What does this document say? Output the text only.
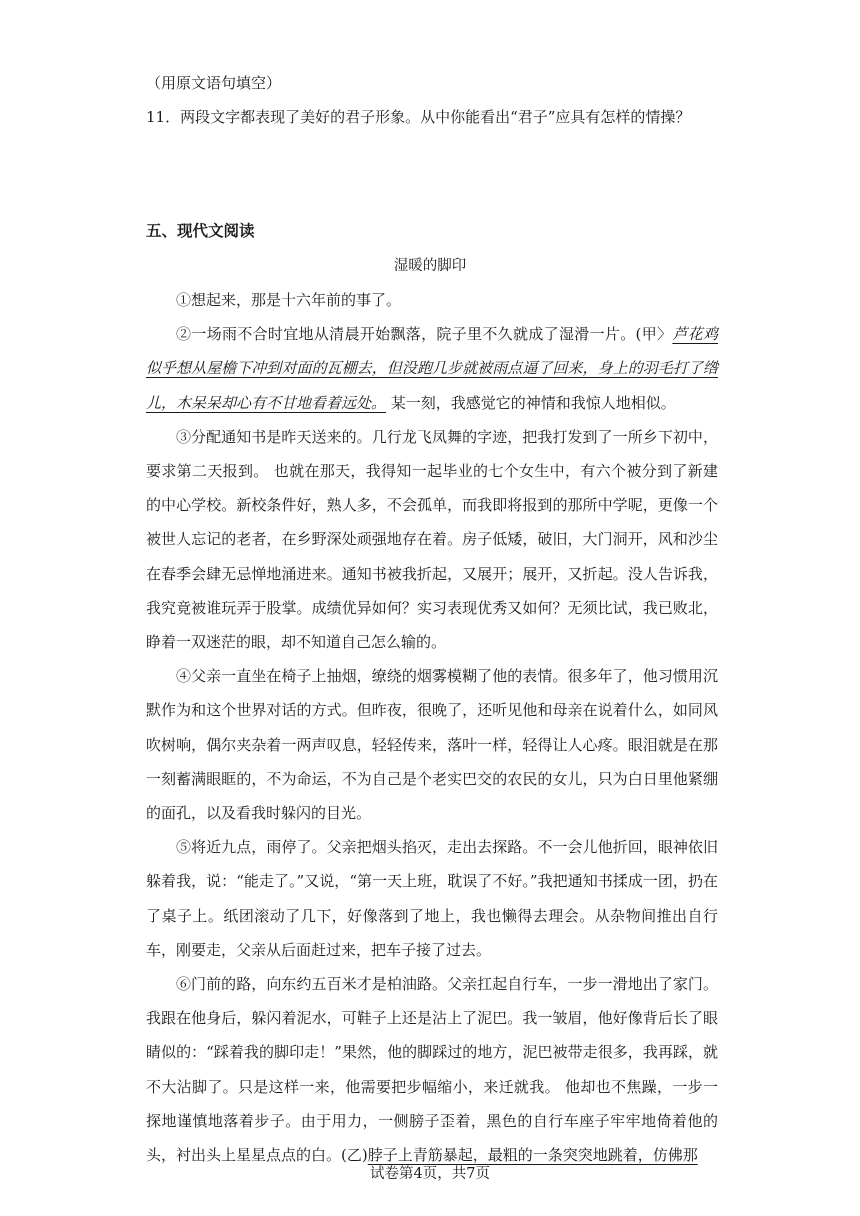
（用原文语句填空）
11．两段文字都表现了美好的君子形象。从中你能看出“君子”应具有怎样的情操？
五、现代文阅读
湿暖的脚印

①想起来，那是十六年前的事了。

②一场雨不合时宜地从清晨开始飘落，院子里不久就成了湿滑一片。(甲〉芦花鸡似乎想从屋檐下冲到对面的瓦棚去，但没跑几步就被雨点逼了回来，身上的羽毛打了绺儿，木呆呆却心有不甘地看着远处。 某一刻，我感觉它的神情和我惊人地相似。

③分配通知书是昨天送来的。几行龙飞凤舞的字迹，把我打发到了一所乡下初中，要求第二天报到。 也就在那天，我得知一起毕业的七个女生中，有六个被分到了新建的中心学校。新校条件好，熟人多，不会孤单，而我即将报到的那所中学呢，更像一个被世人忘记的老者，在乡野深处顽强地存在着。房子低矮，破旧，大门洞开，风和沙尘在春季会肆无忌惮地涌进来。通知书被我折起，又展开；展开，又折起。没人告诉我，我究竟被谁玩弄于股掌。成绩优异如何？实习表现优秀又如何？无须比试，我已败北，睁着一双迷茫的眼，却不知道自己怎么输的。

④父亲一直坐在椅子上抽烟，缭绕的烟雾模糊了他的表情。很多年了，他习惯用沉默作为和这个世界对话的方式。但昨夜，很晚了，还听见他和母亲在说着什么，如同风吹树响，偶尔夹杂着一两声叹息，轻轻传来，落叶一样，轻得让人心疼。眼泪就是在那一刻蓄满眼眶的，不为命运，不为自己是个老实巴交的农民的女儿，只为白日里他紧绷的面孔，以及看我时躲闪的目光。

⑤将近九点，雨停了。父亲把烟头掐灭，走出去探路。不一会儿他折回，眼神依旧躲着我，说：“能走了。”又说，“第一天上班，耽误了不好。”我把通知书揉成一团，扔在了桌子上。纸团滚动了几下，好像落到了地上，我也懒得去理会。从杂物间推出自行车，刚要走，父亲从后面赶过来，把车子接了过去。

⑥门前的路，向东约五百米才是柏油路。父亲扛起自行车，一步一滑地出了家门。我跟在他身后，躲闪着泥水，可鞋子上还是沾上了泥巴。我一皱眉，他好像背后长了眼睛似的：“踩着我的脚印走！”果然，他的脚踩过的地方，泥巴被带走很多，我再踩，就不大沾脚了。只是这样一来，他需要把步幅缩小，来迁就我。 他却也不焦躁，一步一探地谨慎地落着步子。由于用力，一侧膀子歪着，黑色的自行车座子牢牢地倚着他的头，衬出头上星星点点的白。(乙)脖子上青筋暴起，最粗的一条突突地跳着，仿佛那

试卷第4页，共7页
